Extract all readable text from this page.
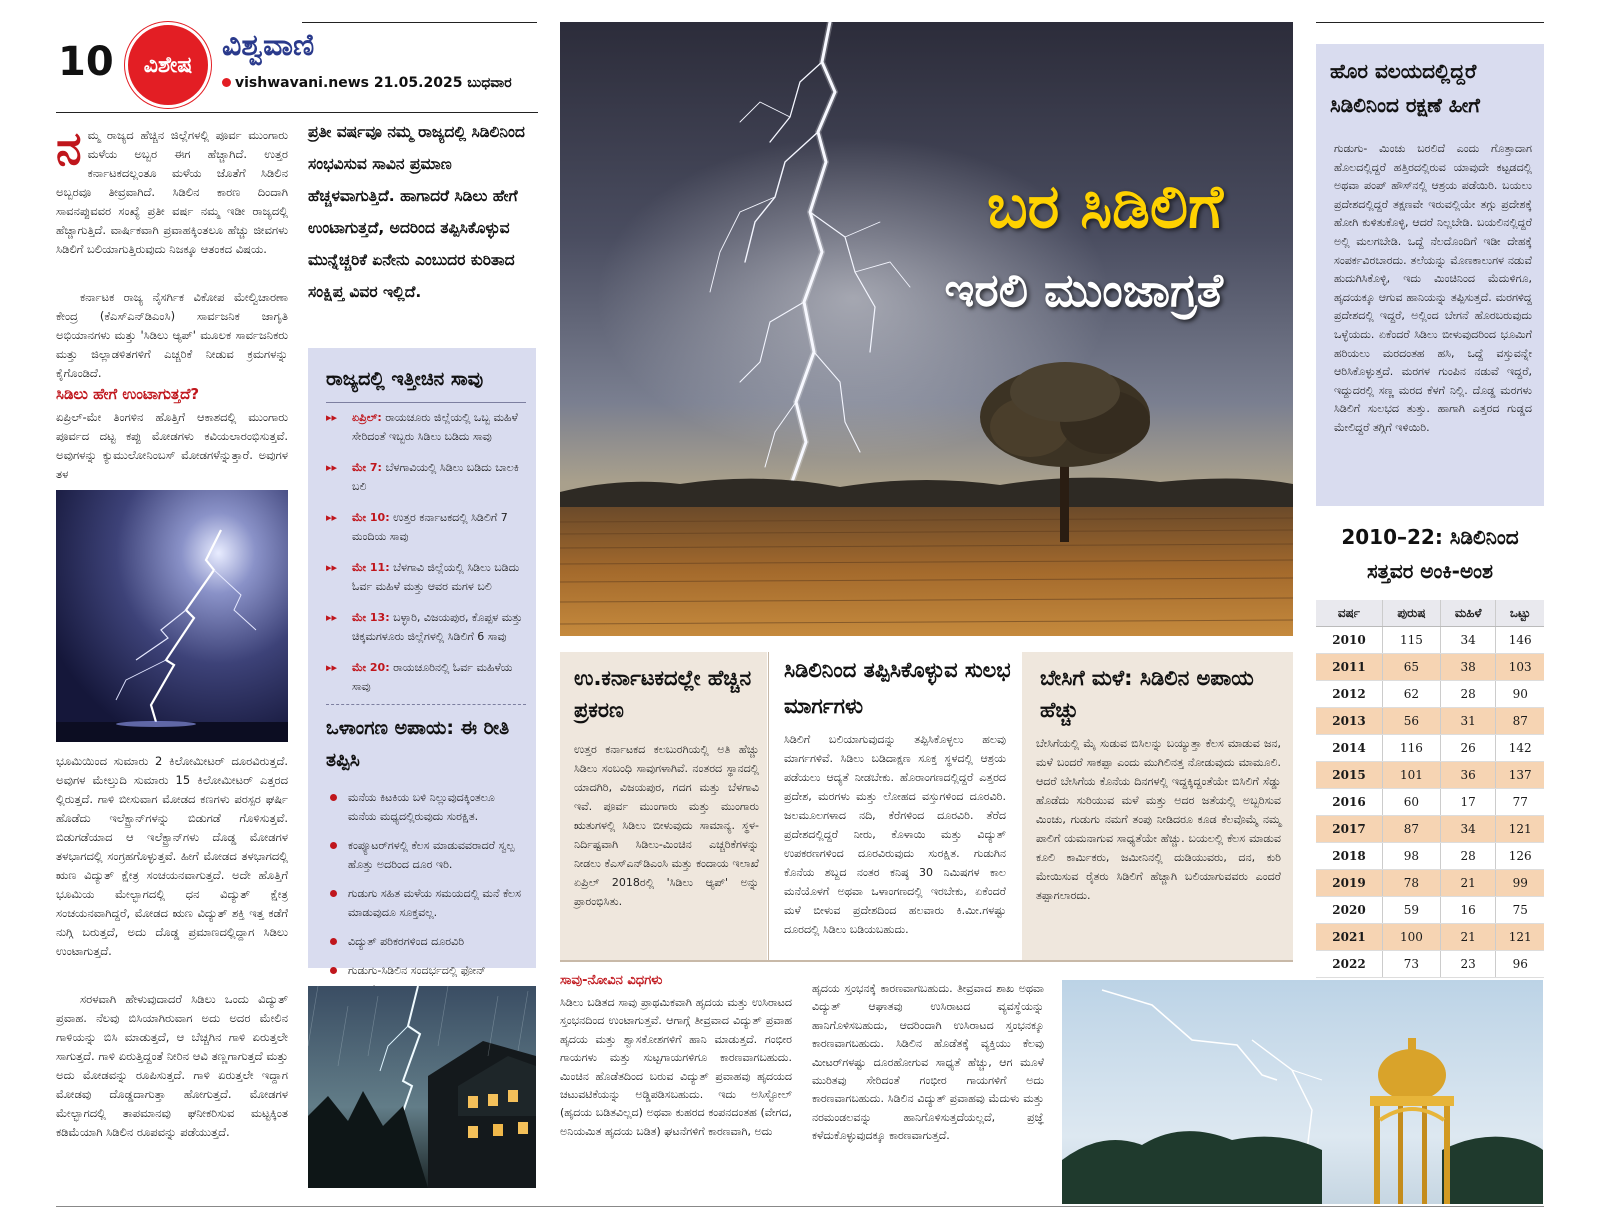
10	ವಿಶೇಷ
ವಿಶ್ವವಾಣಿ
vishwavani.news 21.05.2025 ಬುಧವಾರ
ನಮ್ಮ ರಾಜ್ಯದ ಹೆಚ್ಚಿನ ಜಿಲ್ಲೆಗಳಲ್ಲಿ ಪೂರ್ವ ಮುಂಗಾರು ಮಳೆಯ ಅಬ್ಬರ ಈಗ ಹೆಚ್ಚಾಗಿದೆ. ಉತ್ತರ ಕರ್ನಾಟಕದಲ್ಲಂತೂ ಮಳೆಯ ಜೊತೆಗೆ ಸಿಡಿಲಿನ ಅಬ್ಬರವೂ ತೀವ್ರವಾಗಿದೆ. ಸಿಡಿಲಿನ ಕಾರಣ ದಿಂದಾಗಿ ಸಾವನಪ್ಪುವವರ ಸಂಖ್ಯೆ ಪ್ರತೀ ವರ್ಷ ನಮ್ಮ ಇಡೀ ರಾಜ್ಯದಲ್ಲಿ ಹೆಚ್ಚಾಗುತ್ತಿದೆ. ವಾರ್ಷಿಕವಾಗಿ ಪ್ರವಾಹಕ್ಕಿಂತಲೂ ಹೆಚ್ಚು ಜೀವಗಳು ಸಿಡಿಲಿಗೆ ಬಲಿಯಾಗುತ್ತಿರುವುದು ನಿಜಕ್ಕೂ ಆತಂಕದ ವಿಷಯ.
ಕರ್ನಾಟಕ ರಾಜ್ಯ ನೈಸರ್ಗಿಕ ವಿಕೋಪ ಮೇಲ್ವಿಚಾರಣಾ ಕೇಂದ್ರ (ಕೆಎಸ್‌ಎನ್‌ಡಿಎಂಸಿ) ಸಾರ್ವಜನಿಕ ಜಾಗೃತಿ ಅಭಿಯಾನಗಳು ಮತ್ತು 'ಸಿಡಿಲು ಆ್ಯಪ್' ಮೂಲಕ ಸಾರ್ವಜನಿಕರು ಮತ್ತು ಜಿಲ್ಲಾಡಳಿತಗಳಿಗೆ ಎಚ್ಚರಿಕೆ ನೀಡುವ ಕ್ರಮಗಳನ್ನು ಕೈಗೊಂಡಿದೆ.
ಸಿಡಿಲು ಹೇಗೆ ಉಂಟಾಗುತ್ತದೆ?
ಏಪ್ರಿಲ್-ಮೇ ತಿಂಗಳಿನ ಹೊತ್ತಿಗೆ ಆಕಾಶದಲ್ಲಿ ಮುಂಗಾರು ಪೂರ್ವದ ದಟ್ಟ ಕಪ್ಪು ಮೋಡಗಳು ಕವಿಯಲಾರಂಭಿಸುತ್ತವೆ. ಅವುಗಳನ್ನು ಕ್ಯುಮುಲೋನಿಂಬಸ್ ಮೋಡಗಳೆನ್ನುತ್ತಾರೆ. ಅವುಗಳ ತಳ
ಭೂಮಿಯಿಂದ ಸುಮಾರು 2 ಕಿಲೋಮೀಟರ್ ದೂರವಿರುತ್ತದೆ. ಅವುಗಳ ಮೇಲ್ತುದಿ ಸುಮಾರು 15 ಕಿಲೋಮೀಟರ್ ಎತ್ತರದ ಲ್ಲಿರುತ್ತದೆ. ಗಾಳಿ ಬೀಸುವಾಗ ಮೋಡದ ಕಣಗಳು ಪರಸ್ಪರ ಘರ್ಷಿ ಹೊಡೆದು ಇಲೆಕ್ಟ್ರಾನ್‌ಗಳನ್ನು ಬಿಡುಗಡೆ ಗೊಳಿಸುತ್ತವೆ. ಬಿಡುಗಡೆಯಾದ ಆ ಇಲೆಕ್ಟ್ರಾನ್‌ಗಳು ದೊಡ್ಡ ಮೋಡಗಳ ತಳಭಾಗದಲ್ಲಿ ಸಂಗ್ರಹಗೊಳ್ಳುತ್ತವೆ. ಹೀಗೆ ಮೋಡದ ತಳಭಾಗದಲ್ಲಿ ಋಣ ವಿದ್ಯುತ್ ಕ್ಷೇತ್ರ ಸಂಚಯನವಾಗುತ್ತದೆ. ಅದೇ ಹೊತ್ತಿಗೆ ಭೂಮಿಯ ಮೇಲ್ಭಾಗದಲ್ಲಿ ಧನ ವಿದ್ಯುತ್ ಕ್ಷೇತ್ರ ಸಂಚಯನವಾಗಿದ್ದರೆ, ಮೋಡದ ಋಣ ವಿದ್ಯುತ್ ಶಕ್ತಿ ಇತ್ತ ಕಡೆಗೆ ನುಗ್ಗಿ ಬರುತ್ತದೆ, ಅದು ದೊಡ್ಡ ಪ್ರಮಾಣದಲ್ಲಿದ್ದಾಗ ಸಿಡಿಲು ಉಂಟಾಗುತ್ತದೆ.
ಸರಳವಾಗಿ ಹೇಳುವುದಾದರೆ ಸಿಡಿಲು ಒಂದು ವಿದ್ಯುತ್ ಪ್ರವಾಹ. ನೆಲವು ಬಿಸಿಯಾಗಿರುವಾಗ ಅದು ಅದರ ಮೇಲಿನ ಗಾಳಿಯನ್ನು ಬಿಸಿ ಮಾಡುತ್ತದೆ, ಆ ಬೆಚ್ಚಗಿನ ಗಾಳಿ ಏರುತ್ತಲೇ ಸಾಗುತ್ತದೆ. ಗಾಳಿ ಏರುತ್ತಿದ್ದಂತೆ ನೀರಿನ ಆವಿ ತಣ್ಣಗಾಗುತ್ತದೆ ಮತ್ತು ಅದು ಮೋಡವನ್ನು ರೂಪಿಸುತ್ತದೆ. ಗಾಳಿ ಏರುತ್ತಲೇ ಇದ್ದಾಗ ಮೋಡವು ದೊಡ್ಡದಾಗುತ್ತಾ ಹೋಗುತ್ತದೆ. ಮೋಡಗಳ ಮೇಲ್ಭಾಗದಲ್ಲಿ ತಾಪಮಾನವು ಘನೀಕರಿಸುವ ಮಟ್ಟಕ್ಕಿಂತ ಕಡಿಮೆಯಾಗಿ ಸಿಡಿಲಿನ ರೂಪವನ್ನು ಪಡೆಯುತ್ತದೆ.
ಪ್ರತೀ ವರ್ಷವೂ ನಮ್ಮ ರಾಜ್ಯದಲ್ಲಿ ಸಿಡಿಲಿನಿಂದ ಸಂಭವಿಸುವ ಸಾವಿನ ಪ್ರಮಾಣ ಹೆಚ್ಚಳವಾಗುತ್ತಿದೆ. ಹಾಗಾದರೆ ಸಿಡಿಲು ಹೇಗೆ ಉಂಟಾಗುತ್ತದೆ, ಅದರಿಂದ ತಪ್ಪಿಸಿಕೊಳ್ಳುವ ಮುನ್ನೆಚ್ಚರಿಕೆ ಏನೇನು ಎಂಬುದರ ಕುರಿತಾದ ಸಂಕ್ಷಿಪ್ತ ವಿವರ ಇಲ್ಲಿದೆ.
ರಾಜ್ಯದಲ್ಲಿ ಇತ್ತೀಚಿನ ಸಾವು
▸▸ ಏಪ್ರಿಲ್: ರಾಯಚೂರು ಜಿಲ್ಲೆಯಲ್ಲಿ ಒಬ್ಬ ಮಹಿಳೆ ಸೇರಿದಂತೆ ಇಬ್ಬರು ಸಿಡಿಲು ಬಡಿದು ಸಾವು
▸▸ ಮೇ 7: ಬೆಳಗಾವಿಯಲ್ಲಿ ಸಿಡಿಲು ಬಡಿದು ಬಾಲಕಿ ಬಲಿ
▸▸ ಮೇ 10: ಉತ್ತರ ಕರ್ನಾಟಕದಲ್ಲಿ ಸಿಡಿಲಿಗೆ 7 ಮಂದಿಯ ಸಾವು
▸▸ ಮೇ 11: ಬೆಳಗಾವಿ ಜಿಲ್ಲೆಯಲ್ಲಿ ಸಿಡಿಲು ಬಡಿದು ಓರ್ವ ಮಹಿಳೆ ಮತ್ತು ಆವರ ಮಗಳ ಬಲಿ
▸▸ ಮೇ 13: ಬಳ್ಳಾರಿ, ವಿಜಯಪುರ, ಕೊಪ್ಪಳ ಮತ್ತು ಚಿಕ್ಕಮಗಳೂರು ಜಿಲ್ಲೆಗಳಲ್ಲಿ ಸಿಡಿಲಿಗೆ 6 ಸಾವು
▸▸ ಮೇ 20: ರಾಯಚೂರಿನಲ್ಲಿ ಓರ್ವ ಮಹಿಳೆಯ ಸಾವು
ಒಳಾಂಗಣ ಅಪಾಯ: ಈ ರೀತಿ ತಪ್ಪಿಸಿ
ಮನೆಯ ಕಿಟಕಿಯ ಬಳಿ ನಿಲ್ಲುವುದಕ್ಕಿಂತಲೂ ಮನೆಯ ಮಧ್ಯದಲ್ಲಿರುವುದು ಸುರಕ್ಷಿತ.
ಕಂಪ್ಯೂಟರ್‌ಗಳಲ್ಲಿ ಕೆಲಸ ಮಾಡುವವರಾದರೆ ಸ್ವಲ್ಪ ಹೊತ್ತು ಅದರಿಂದ ದೂರ ಇರಿ.
ಗುಡುಗು ಸಹಿತ ಮಳೆಯ ಸಮಯದಲ್ಲಿ ಮನೆ ಕೆಲಸ ಮಾಡುವುದೂ ಸೂಕ್ತವಲ್ಲ.
ವಿದ್ಯುತ್ ಪರಿಕರಗಳಿಂದ ದೂರವಿರಿ
ಗುಡುಗು-ಸಿಡಿಲಿನ ಸಂದರ್ಭದಲ್ಲಿ ಫೋನ್
ಬರ ಸಿಡಿಲಿಗೆ
ಇರಲಿ ಮುಂಜಾಗ್ರತೆ
ಉ.ಕರ್ನಾಟಕದಲ್ಲೇ ಹೆಚ್ಚಿನ ಪ್ರಕರಣ
ಉತ್ತರ ಕರ್ನಾಟಕದ ಕಲಬುರಗಿಯಲ್ಲಿ ಅತಿ ಹೆಚ್ಚು ಸಿಡಿಲು ಸಂಬಂಧಿ ಸಾವುಗಳಾಗಿವೆ. ನಂತರದ ಸ್ಥಾನದಲ್ಲಿ ಯಾದಗಿರಿ, ವಿಜಯಪುರ, ಗದಗ ಮತ್ತು ಬೆಳಗಾವಿ ಇವೆ. ಪೂರ್ವ ಮುಂಗಾರು ಮತ್ತು ಮುಂಗಾರು ಋತುಗಳಲ್ಲಿ ಸಿಡಿಲು ಬೀಳುವುದು ಸಾಮಾನ್ಯ. ಸ್ಥಳ-ನಿರ್ದಿಷ್ಟವಾಗಿ ಸಿಡಿಲು-ಮಿಂಚಿನ ಎಚ್ಚರಿಕೆಗಳನ್ನು ನೀಡಲು ಕೆಎಸ್‌ಎನ್‌ಡಿಎಂಸಿ ಮತ್ತು ಕಂದಾಯ ಇಲಾಖೆ ಏಪ್ರಿಲ್ 2018ರಲ್ಲಿ 'ಸಿಡಿಲು ಆ್ಯಪ್' ಅನ್ನು ಪ್ರಾರಂಭಿಸಿತು.
ಸಿಡಿಲಿನಿಂದ ತಪ್ಪಿಸಿಕೊಳ್ಳುವ ಸುಲಭ ಮಾರ್ಗಗಳು
ಸಿಡಿಲಿಗೆ ಬಲಿಯಾಗುವುದನ್ನು ತಪ್ಪಿಸಿಕೊಳ್ಳಲು ಹಲವು ಮಾರ್ಗಗಳಿವೆ. ಸಿಡಿಲು ಬಡಿದಾಕ್ಷಣ ಸೂಕ್ತ ಸ್ಥಳದಲ್ಲಿ ಆಶ್ರಯ ಪಡೆಯಲು ಆದ್ಯತೆ ನೀಡಬೇಕು. ಹೊರಾಂಗಣದಲ್ಲಿದ್ದರೆ ಎತ್ತರದ ಪ್ರದೇಶ, ಮರಗಳು ಮತ್ತು ಲೋಹದ ವಸ್ತುಗಳಿಂದ ದೂರವಿರಿ. ಜಲಮೂಲಗಳಾದ ನದಿ, ಕೆರೆಗಳಿಂದ ದೂರವಿರಿ. ತೆರೆದ ಪ್ರದೇಶದಲ್ಲಿದ್ದರೆ ನೀರು, ಕೊಳಾಯಿ ಮತ್ತು ವಿದ್ಯುತ್ ಉಪಕರಣಗಳಿಂದ ದೂರವಿರುವುದು ಸುರಕ್ಷಿತ. ಗುಡುಗಿನ ಕೊನೆಯ ಶಬ್ದದ ನಂತರ ಕನಿಷ್ಠ 30 ನಿಮಿಷಗಳ ಕಾಲ ಮನೆಯೊಳಗೆ ಅಥವಾ ಒಳಾಂಗಣದಲ್ಲಿ ಇರಬೇಕು, ಏಕೆಂದರೆ ಮಳೆ ಬೀಳುವ ಪ್ರದೇಶದಿಂದ ಹಲವಾರು ಕಿ.ಮೀ.ಗಳಷ್ಟು ದೂರದಲ್ಲಿ ಸಿಡಿಲು ಬಡಿಯಬಹುದು.
ಬೇಸಿಗೆ ಮಳೆ: ಸಿಡಿಲಿನ ಅಪಾಯ ಹೆಚ್ಚು
ಬೇಸಿಗೆಯಲ್ಲಿ ಮೈ ಸುಡುವ ಬಿಸಿಲನ್ನು ಬಯ್ಯುತ್ತಾ ಕೆಲಸ ಮಾಡುವ ಜನ, ಮಳೆ ಬಂದರೆ ಸಾಕಪ್ಪಾ ಎಂದು ಮುಗಿಲಿನತ್ತ ನೋಡುವುದು ಮಾಮೂಲಿ. ಆದರೆ ಬೇಸಿಗೆಯ ಕೊನೆಯ ದಿನಗಳಲ್ಲಿ ಇದ್ದಕ್ಕಿದ್ದಂತೆಯೇ ಬಿಸಿಲಿಗೆ ಸೆಡ್ಡು ಹೊಡೆದು ಸುರಿಯುವ ಮಳೆ ಮತ್ತು ಅದರ ಜತೆಯಲ್ಲಿ ಅಬ್ಬರಿಸುವ ಮಿಂಚು, ಗುಡುಗು ನಮಗೆ ತಂಪು ನೀಡಿದರೂ ಕೂಡ ಕೆಲವೊಮ್ಮೆ ನಮ್ಮ ಪಾಲಿಗೆ ಯಮನಾಗುವ ಸಾಧ್ಯತೆಯೇ ಹೆಚ್ಚು. ಬಯಲಲ್ಲಿ ಕೆಲಸ ಮಾಡುವ ಕೂಲಿ ಕಾರ್ಮಿಕರು, ಜಮೀನಿನಲ್ಲಿ ದುಡಿಯುವರು, ದನ, ಕುರಿ ಮೇಯಿಸುವ ರೈತರು ಸಿಡಿಲಿಗೆ ಹೆಚ್ಚಾಗಿ ಬಲಿಯಾಗುವವರು ಎಂದರೆ ತಪ್ಪಾಗಲಾರದು.
ಸಾವು-ನೋವಿನ ವಿಧಗಳು
ಸಿಡಿಲು ಬಡಿತದ ಸಾವು ಪ್ರಾಥಮಿಕವಾಗಿ ಹೃದಯ ಮತ್ತು ಉಸಿರಾಟದ ಸ್ತಂಭನದಿಂದ ಉಂಟಾಗುತ್ತವೆ. ಆಗಾಗ್ಗೆ ತೀವ್ರವಾದ ವಿದ್ಯುತ್ ಪ್ರವಾಹ ಹೃದಯ ಮತ್ತು ಶ್ವಾಸಕೋಶಗಳಿಗೆ ಹಾನಿ ಮಾಡುತ್ತದೆ. ಗಂಭೀರ ಗಾಯಗಳು ಮತ್ತು ಸುಟ್ಟಗಾಯಗಳಿಗೂ ಕಾರಣವಾಗಬಹುದು. ಮಿಂಚಿನ ಹೊಡೆತದಿಂದ ಬರುವ ವಿದ್ಯುತ್ ಪ್ರವಾಹವು ಹೃದಯದ ಚಟುವಟಿಕೆಯನ್ನು ಅಡ್ಡಿಪಡಿಸಬಹುದು. ಇದು ಅಸಿಸ್ಟೋಲ್ (ಹೃದಯ ಬಡಿತವಿಲ್ಲದ) ಅಥವಾ ಕುಹರದ ಕಂಪನದಂತಹ (ವೇಗದ, ಅನಿಯಮಿತ ಹೃದಯ ಬಡಿತ) ಘಟನೆಗಳಿಗೆ ಕಾರಣವಾಗಿ, ಅದು
ಹೃದಯ ಸ್ತಂಭನಕ್ಕೆ ಕಾರಣವಾಗಬಹುದು. ತೀವ್ರವಾದ ಶಾಖ ಅಥವಾ ವಿದ್ಯುತ್ ಆಘಾತವು ಉಸಿರಾಟದ ವ್ಯವಸ್ಥೆಯನ್ನು ಹಾನಿಗೊಳಿಸಬಹುದು, ಆದರಿಂದಾಗಿ ಉಸಿರಾಟದ ಸ್ತಂಭನಕ್ಕೂ ಕಾರಣವಾಗಬಹುದು. ಸಿಡಿಲಿನ ಹೊಡೆತಕ್ಕೆ ವ್ಯಕ್ತಿಯು ಕೆಲವು ಮೀಟರ್‌ಗಳಷ್ಟು ದೂರಹೋಗುವ ಸಾಧ್ಯತೆ ಹೆಚ್ಚು, ಆಗ ಮೂಳೆ ಮುರಿತವು ಸೇರಿದಂತೆ ಗಂಭೀರ ಗಾಯಗಳಿಗೆ ಅದು ಕಾರಣವಾಗಬಹುದು. ಸಿಡಿಲಿನ ವಿದ್ಯುತ್ ಪ್ರವಾಹವು ಮೆದುಳು ಮತ್ತು ನರಮಂಡಲವನ್ನು ಹಾನಿಗೊಳಿಸುತ್ತದೆಯಲ್ಲದೆ, ಪ್ರಜ್ಞೆ ಕಳೆದುಕೊಳ್ಳುವುದಕ್ಕೂ ಕಾರಣವಾಗುತ್ತದೆ.
ಹೊರ ವಲಯದಲ್ಲಿದ್ದರೆ ಸಿಡಿಲಿನಿಂದ ರಕ್ಷಣೆ ಹೀಗೆ
ಗುಡುಗು- ಮಿಂಚು ಬರಲಿದೆ ಎಂದು ಗೊತ್ತಾದಾಗ ಹೊಲದಲ್ಲಿದ್ದರೆ ಹತ್ತಿರದಲ್ಲಿರುವ ಯಾವುದೇ ಕಟ್ಟಡದಲ್ಲಿ ಅಥವಾ ಪಂಪ್ ಹೌಸ್‌ನಲ್ಲಿ ಆಶ್ರಯ ಪಡೆಯಿರಿ. ಬಯಲು ಪ್ರದೇಶದಲ್ಲಿದ್ದರೆ ತಕ್ಷಣವೇ ಇರುವಲ್ಲಿಯೇ ತಗ್ಗು ಪ್ರದೇಶಕ್ಕೆ ಹೋಗಿ ಕುಳಿತುಕೊಳ್ಳಿ, ಆದರೆ ನಿಲ್ಲಬೇಡಿ. ಬಯಲಿನಲ್ಲಿದ್ದರೆ ಅಲ್ಲಿ ಮಲಗಬೇಡಿ. ಒದ್ದೆ ನೆಲದೊಂದಿಗೆ ಇಡೀ ದೇಹಕ್ಕೆ ಸಂಪರ್ಕವಿರಬಾರದು. ತಲೆಯನ್ನು ಮೊಣಕಾಲುಗಳ ನಡುವೆ ಹುದುಗಿಸಿಕೊಳ್ಳಿ, ಇದು ಮಿಂಚಿನಿಂದ ಮೆದುಳಿಗೂ, ಹೃದಯಕ್ಕೂ ಆಗುವ ಹಾನಿಯನ್ನು ತಪ್ಪಿಸುತ್ತದೆ. ಮರಗಳಿದ್ದ ಪ್ರದೇಶದಲ್ಲಿ ಇದ್ದರೆ, ಅಲ್ಲಿಂದ ಬೇಗನೆ ಹೊರಬರುವುದು ಒಳ್ಳೆಯದು. ಏಕೆಂದರೆ ಸಿಡಿಲು ಬೀಳುವುದರಿಂದ ಭೂಮಿಗೆ ಹರಿಯಲು ಮರದಂತಹ ಹಸಿ, ಒದ್ದೆ ವಸ್ತುವನ್ನೇ ಆರಿಸಿಕೊಳ್ಳುತ್ತದೆ. ಮರಗಳ ಗುಂಪಿನ ನಡುವೆ ಇದ್ದರೆ, ಇದ್ದುದರಲ್ಲಿ ಸಣ್ಣ ಮರದ ಕೆಳಗೆ ನಿಲ್ಲಿ. ದೊಡ್ಡ ಮರಗಳು ಸಿಡಿಲಿಗೆ ಸುಲಭದ ತುತ್ತು. ಹಾಗಾಗಿ ಎತ್ತರದ ಗುಡ್ಡದ ಮೇಲಿದ್ದರೆ ತಗ್ಗಿಗೆ ಇಳಿಯಿರಿ.
2010–22: ಸಿಡಿಲಿನಿಂದ ಸತ್ತವರ ಅಂಕಿ-ಅಂಶ
ವರ್ಷ	ಪುರುಷ	ಮಹಿಳೆ	ಒಟ್ಟು
2010	115	34	146
2011	65	38	103
2012	62	28	90
2013	56	31	87
2014	116	26	142
2015	101	36	137
2016	60	17	77
2017	87	34	121
2018	98	28	126
2019	78	21	99
2020	59	16	75
2021	100	21	121
2022	73	23	96
